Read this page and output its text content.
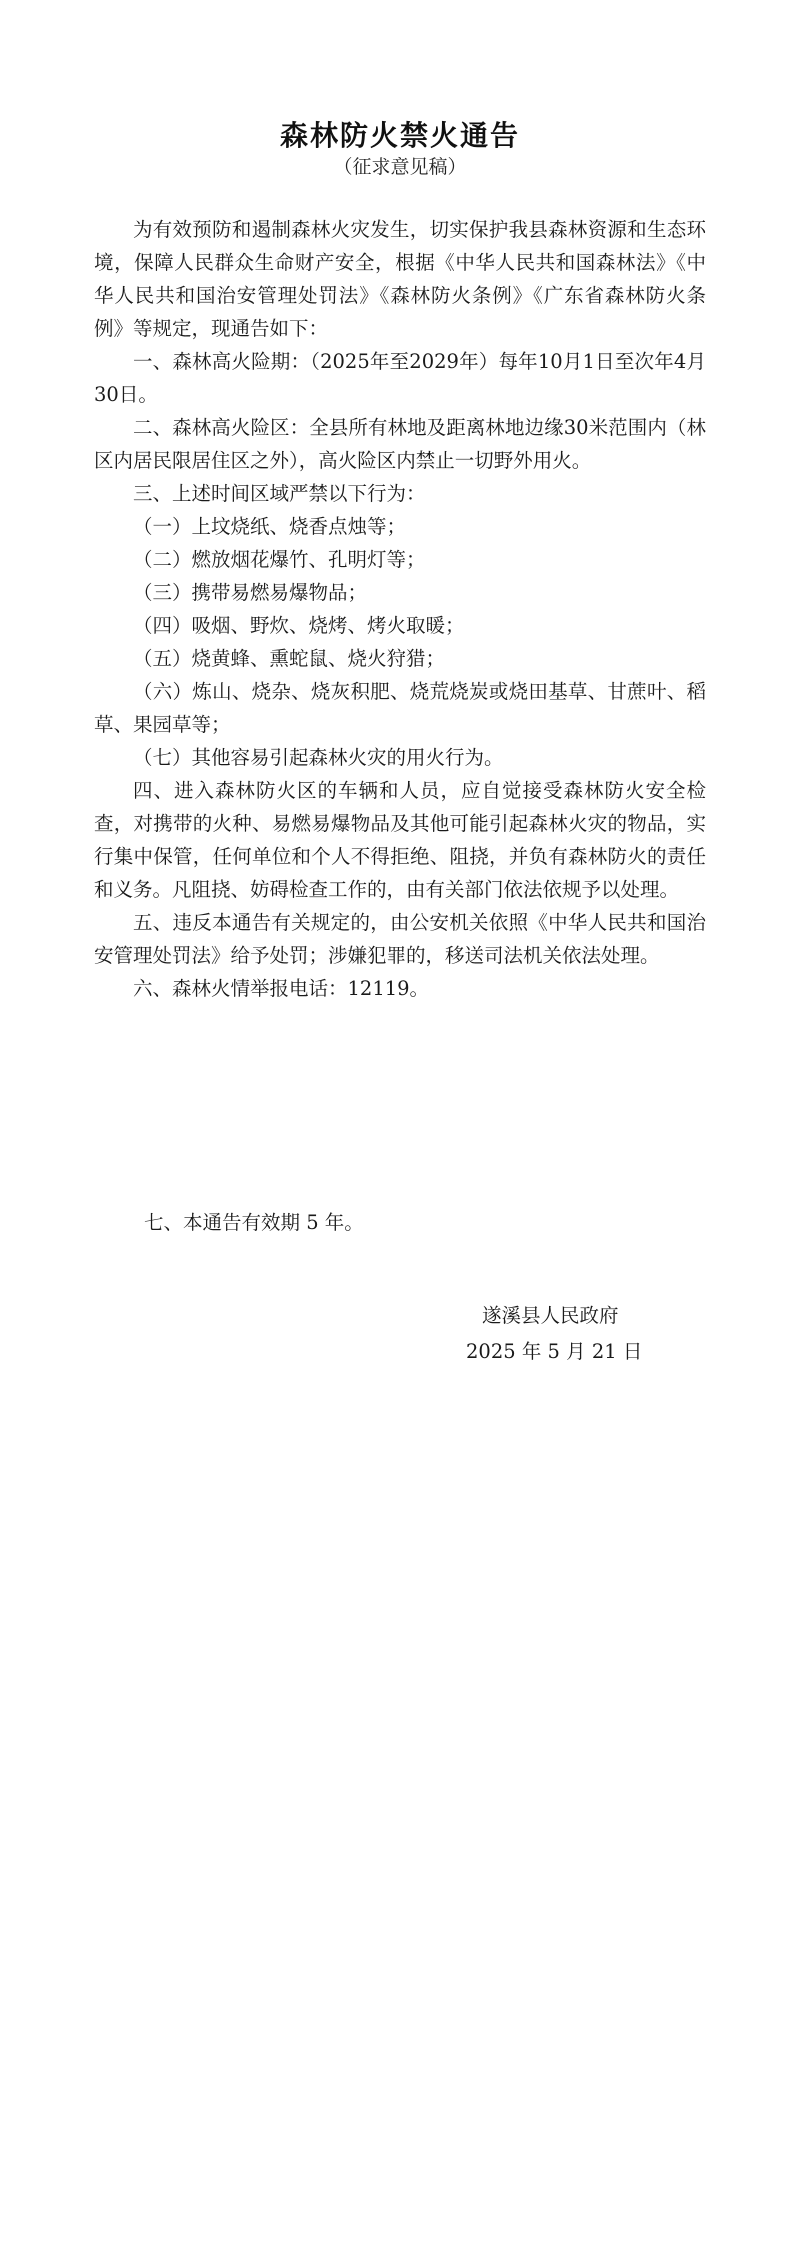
森林防火禁火通告
（征求意见稿）

为有效预防和遏制森林火灾发生，切实保护我县森林资源和生态环境，保障人民群众生命财产安全，根据《中华人民共和国森林法》《中华人民共和国治安管理处罚法》《森林防火条例》《广东省森林防火条例》等规定，现通告如下：

一、森林高火险期：（2025年至2029年）每年10月1日至次年4月30日。

二、森林高火险区：全县所有林地及距离林地边缘30米范围内（林区内居民限居住区之外），高火险区内禁止一切野外用火。

三、上述时间区域严禁以下行为：

（一）上坟烧纸、烧香点烛等；

（二）燃放烟花爆竹、孔明灯等；

（三）携带易燃易爆物品；

（四）吸烟、野炊、烧烤、烤火取暖；

（五）烧黄蜂、熏蛇鼠、烧火狩猎；

（六）炼山、烧杂、烧灰积肥、烧荒烧炭或烧田基草、甘蔗叶、稻草、果园草等；

（七）其他容易引起森林火灾的用火行为。

四、进入森林防火区的车辆和人员，应自觉接受森林防火安全检查，对携带的火种、易燃易爆物品及其他可能引起森林火灾的物品，实行集中保管，任何单位和个人不得拒绝、阻挠，并负有森林防火的责任和义务。凡阻挠、妨碍检查工作的，由有关部门依法依规予以处理。

五、违反本通告有关规定的，由公安机关依照《中华人民共和国治安管理处罚法》给予处罚；涉嫌犯罪的，移送司法机关依法处理。

六、森林火情举报电话：12119。

七、本通告有效期 5 年。

遂溪县人民政府

2025 年 5 月 21 日
